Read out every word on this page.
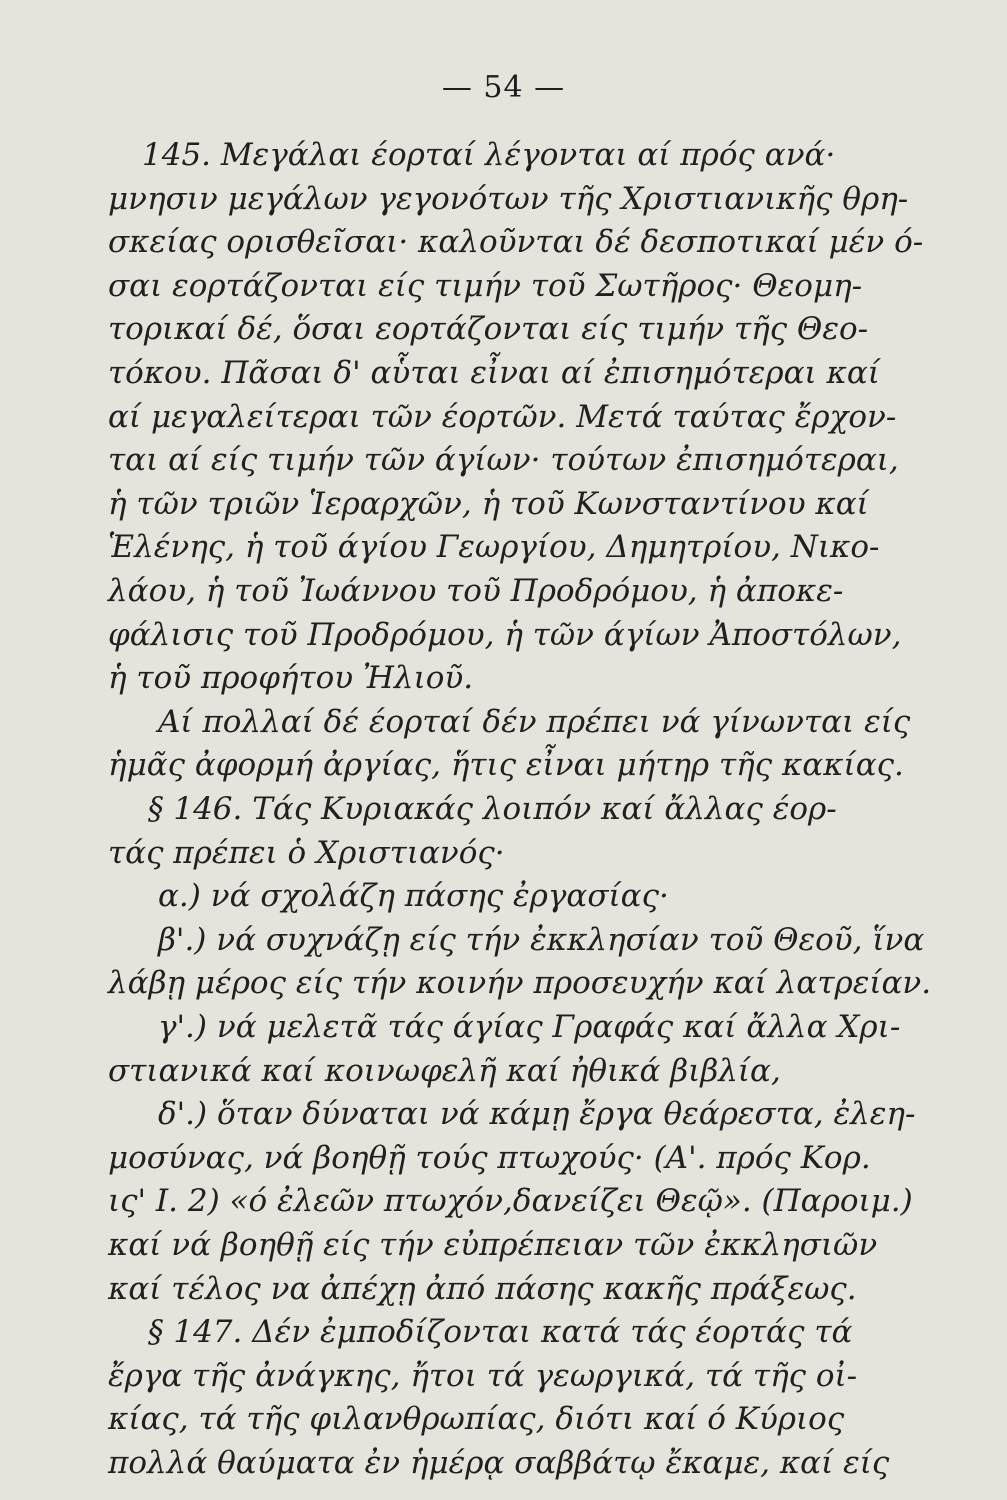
— 54 —
145. Μεγάλαι έορταί λέγονται αί πρός ανά·
μνησιν μεγάλων γεγονότων τῆς Χριστιανικῆς θρη-
σκείας ορισθεῖσαι· καλοῦνται δέ δεσποτικαί μέν ό-
σαι εορτάζονται είς τιμήν τοῦ Σωτῆρος· Θεομη-
τορικαί δέ, ὅσαι εορτάζονται είς τιμήν τῆς Θεο-
τόκου. Πᾶσαι δ' αὗται εἶναι αί ἐπισημότεραι καί
αί μεγαλείτεραι τῶν έορτῶν. Μετά ταύτας ἔρχον-
ται αί είς τιμήν τῶν άγίων· τούτων ἐπισημότεραι,
ἡ τῶν τριῶν Ἱεραρχῶν, ἡ τοῦ Κωνσταντίνου καί
Ἑλένης, ἡ τοῦ άγίου Γεωργίου, Δημητρίου, Νικο-
λάου, ἡ τοῦ Ἰωάννου τοῦ Προδρόμου, ἡ ἀποκε-
φάλισις τοῦ Προδρόμου, ἡ τῶν άγίων Ἀποστόλων,
ἡ τοῦ προφήτου Ἠλιοῦ.
Αί πολλαί δέ έορταί δέν πρέπει νά γίνωνται είς
ἡμᾶς ἀφορμή ἀργίας, ἥτις εἶναι μήτηρ τῆς κακίας.
§ 146. Τάς Κυριακάς λοιπόν καί ἄλλας έορ-
τάς πρέπει ὁ Χριστιανός·
α.) νά σχολάζη πάσης ἐργασίας·
β'.) νά συχνάζῃ είς τήν ἐκκλησίαν τοῦ Θεοῦ, ἵνα
λάβῃ μέρος είς τήν κοινήν προσευχήν καί λατρείαν.
γ'.) νά μελετᾶ τάς άγίας Γραφάς καί ἄλλα Χρι-
στιανικά καί κοινωφελῆ καί ἠθικά βιβλία,
δ'.) ὅταν δύναται νά κάμῃ ἔργα θεάρεστα, ἐλεη-
μοσύνας, νά βοηθῇ τούς πτωχούς· (Α'. πρός Κορ.
ις' Ι. 2) «ό ἐλεῶν πτωχόν,δανείζει Θεῷ». (Παροιμ.)
καί νά βοηθῇ είς τήν εὐπρέπειαν τῶν ἐκκλησιῶν
καί τέλος να ἀπέχῃ ἀπό πάσης κακῆς πράξεως.
§ 147. Δέν ἐμποδίζονται κατά τάς έορτάς τά
ἔργα τῆς ἀνάγκης, ἤτοι τά γεωργικά, τά τῆς οἰ-
κίας, τά τῆς φιλανθρωπίας, διότι καί ό Κύριος
πολλά θαύματα ἐν ἡμέρᾳ σαββάτῳ ἔκαμε, καί είς
